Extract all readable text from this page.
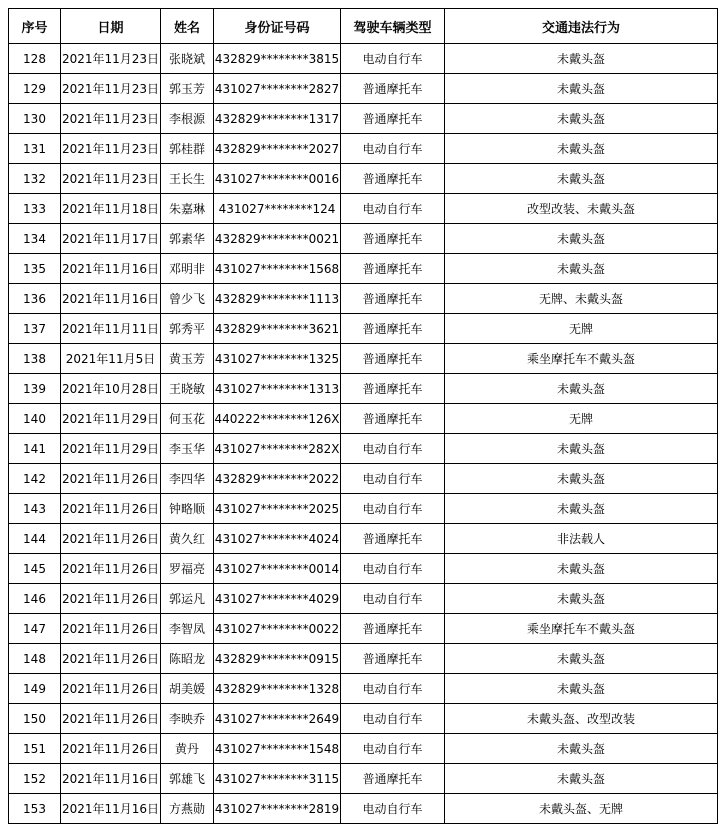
序号	日期	姓名	身份证号码	驾驶车辆类型	交通违法行为
128	2021年11月23日	张晓斌	432829********3815	电动自行车	未戴头盔
129	2021年11月23日	郭玉芳	431027********2827	普通摩托车	未戴头盔
130	2021年11月23日	李根源	432829********1317	普通摩托车	未戴头盔
131	2021年11月23日	郭桂群	432829********2027	电动自行车	未戴头盔
132	2021年11月23日	王长生	431027********0016	普通摩托车	未戴头盔
133	2021年11月18日	朱嘉琳	431027********124	电动自行车	改型改装、未戴头盔
134	2021年11月17日	郭素华	432829********0021	普通摩托车	未戴头盔
135	2021年11月16日	邓明非	431027********1568	普通摩托车	未戴头盔
136	2021年11月16日	曾少飞	432829********1113	普通摩托车	无牌、未戴头盔
137	2021年11月11日	郭秀平	432829********3621	普通摩托车	无牌
138	2021年11月5日	黄玉芳	431027********1325	普通摩托车	乘坐摩托车不戴头盔
139	2021年10月28日	王晓敏	431027********1313	普通摩托车	未戴头盔
140	2021年11月29日	何玉花	440222********126X	普通摩托车	无牌
141	2021年11月29日	李玉华	431027********282X	电动自行车	未戴头盔
142	2021年11月26日	李四华	432829********2022	电动自行车	未戴头盔
143	2021年11月26日	钟略顺	431027********2025	电动自行车	未戴头盔
144	2021年11月26日	黄久红	431027********4024	普通摩托车	非法载人
145	2021年11月26日	罗福亮	431027********0014	电动自行车	未戴头盔
146	2021年11月26日	郭运凡	431027********4029	电动自行车	未戴头盔
147	2021年11月26日	李智凤	431027********0022	普通摩托车	乘坐摩托车不戴头盔
148	2021年11月26日	陈昭龙	432829********0915	普通摩托车	未戴头盔
149	2021年11月26日	胡美媛	432829********1328	电动自行车	未戴头盔
150	2021年11月26日	李映乔	431027********2649	电动自行车	未戴头盔、改型改装
151	2021年11月26日	黄丹	431027********1548	电动自行车	未戴头盔
152	2021年11月16日	郭雄飞	431027********3115	普通摩托车	未戴头盔
153	2021年11月16日	方燕勋	431027********2819	电动自行车	未戴头盔、无牌
